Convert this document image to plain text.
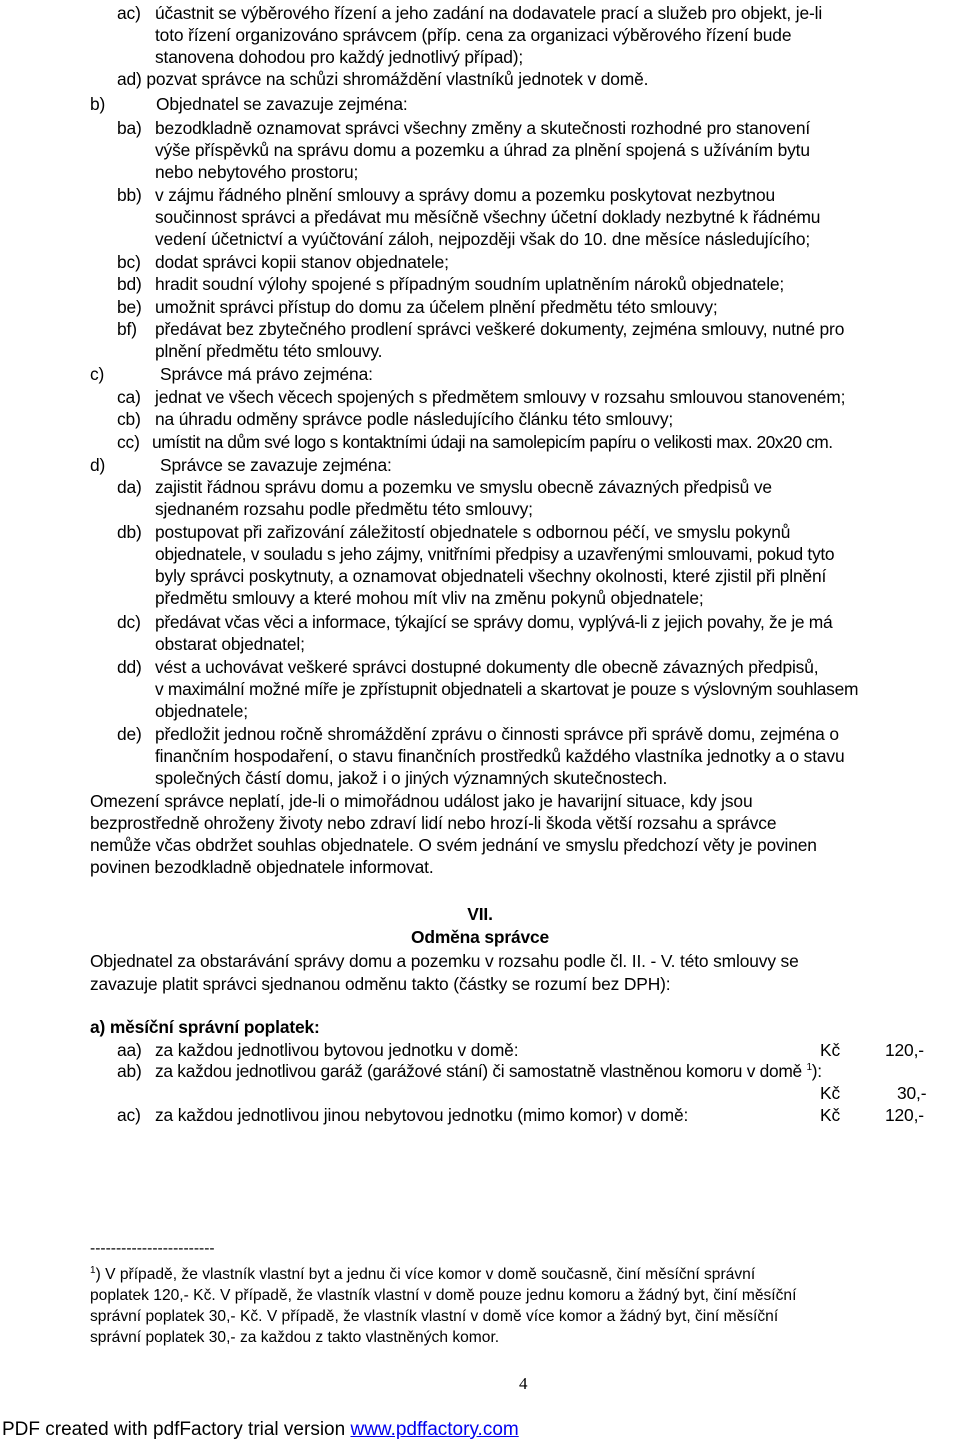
ac) účastnit se výběrového řízení a jeho zadání na dodavatele prací a služeb pro objekt, je-li
toto řízení organizováno správcem (příp. cena za organizaci výběrového řízení bude
stanovena dohodou pro každý jednotlivý případ);
ad) pozvat správce na schůzi shromáždění vlastníků jednotek v domě.
b)	Objednatel se zavazuje zejména:
ba) bezodkladně oznamovat správci všechny změny a skutečnosti rozhodné pro stanovení
výše příspěvků na správu domu a pozemku a úhrad za plnění spojená s užíváním bytu
nebo nebytového prostoru;
bb) v zájmu řádného plnění smlouvy a správy domu a pozemku poskytovat nezbytnou
součinnost správci a předávat mu měsíčně všechny účetní doklady nezbytné k řádnému
vedení účetnictví a vyúčtování záloh, nejpozději však do 10. dne měsíce následujícího;
bc) dodat správci kopii stanov objednatele;
bd) hradit soudní výlohy spojené s případným soudním uplatněním nároků objednatele;
be) umožnit správci přístup do domu za účelem plnění předmětu této smlouvy;
bf) předávat bez zbytečného prodlení správci veškeré dokumenty, zejména smlouvy, nutné pro
plnění předmětu této smlouvy.
c)	Správce má právo zejména:
ca) jednat ve všech věcech spojených s předmětem smlouvy v rozsahu smlouvou stanoveném;
cb) na úhradu odměny správce podle následujícího článku této smlouvy;
cc) umístit na dům své logo s kontaktními údaji na samolepicím papíru o velikosti max. 20x20 cm.
d)	Správce se zavazuje zejména:
da) zajistit řádnou správu domu a pozemku ve smyslu obecně závazných předpisů ve
sjednaném rozsahu podle předmětu této smlouvy;
db) postupovat při zařizování záležitostí objednatele s odbornou péčí, ve smyslu pokynů
objednatele, v souladu s jeho zájmy, vnitřními předpisy a uzavřenými smlouvami, pokud tyto
byly správci poskytnuty, a oznamovat objednateli všechny okolnosti, které zjistil při plnění
předmětu smlouvy a které mohou mít vliv na změnu pokynů objednatele;
dc) předávat včas věci a informace, týkající se správy domu, vyplývá-li z jejich povahy, že je má
obstarat objednatel;
dd) vést a uchovávat veškeré správci dostupné dokumenty dle obecně závazných předpisů,
v maximální možné míře je zpřístupnit objednateli a skartovat je pouze s výslovným souhlasem
objednatele;
de) předložit jednou ročně shromáždění zprávu o činnosti správce při správě domu, zejména o
finančním hospodaření, o stavu finančních prostředků každého vlastníka jednotky a o stavu
společných částí domu, jakož i o jiných významných skutečnostech.
Omezení správce neplatí, jde-li o mimořádnou událost jako je havarijní situace, kdy jsou
bezprostředně ohroženy životy nebo zdraví lidí nebo hrozí-li škoda větší rozsahu a správce
nemůže včas obdržet souhlas objednatele. O svém jednání ve smyslu předchozí věty je povinen
povinen bezodkladně objednatele informovat.
VII.
Odměna správce
Objednatel za obstarávání správy domu a pozemku v rozsahu podle čl. II. - V. této smlouvy se
zavazuje platit správci sjednanou odměnu takto (částky se rozumí bez DPH):
a) měsíční správní poplatek:
aa) za každou jednotlivou bytovou jednotku v domě:	Kč	120,-
ab) za každou jednotlivou garáž (garážové stání) či samostatně vlastněnou komoru v domě $^1$):
Kč	30,-
ac) za každou jednotlivou jinou nebytovou jednotku (mimo komor) v domě:	Kč	120,-
------------------------
$^1$) V případě, že vlastník vlastní byt a jednu či více komor v domě současně, činí měsíční správní
poplatek 120,- Kč. V případě, že vlastník vlastní v domě pouze jednu komoru a žádný byt, činí měsíční
správní poplatek 30,- Kč. V případě, že vlastník vlastní v domě více komor a žádný byt, činí měsíční
správní poplatek 30,- za každou z takto vlastněných komor.
4
PDF created with pdfFactory trial version www.pdffactory.com
